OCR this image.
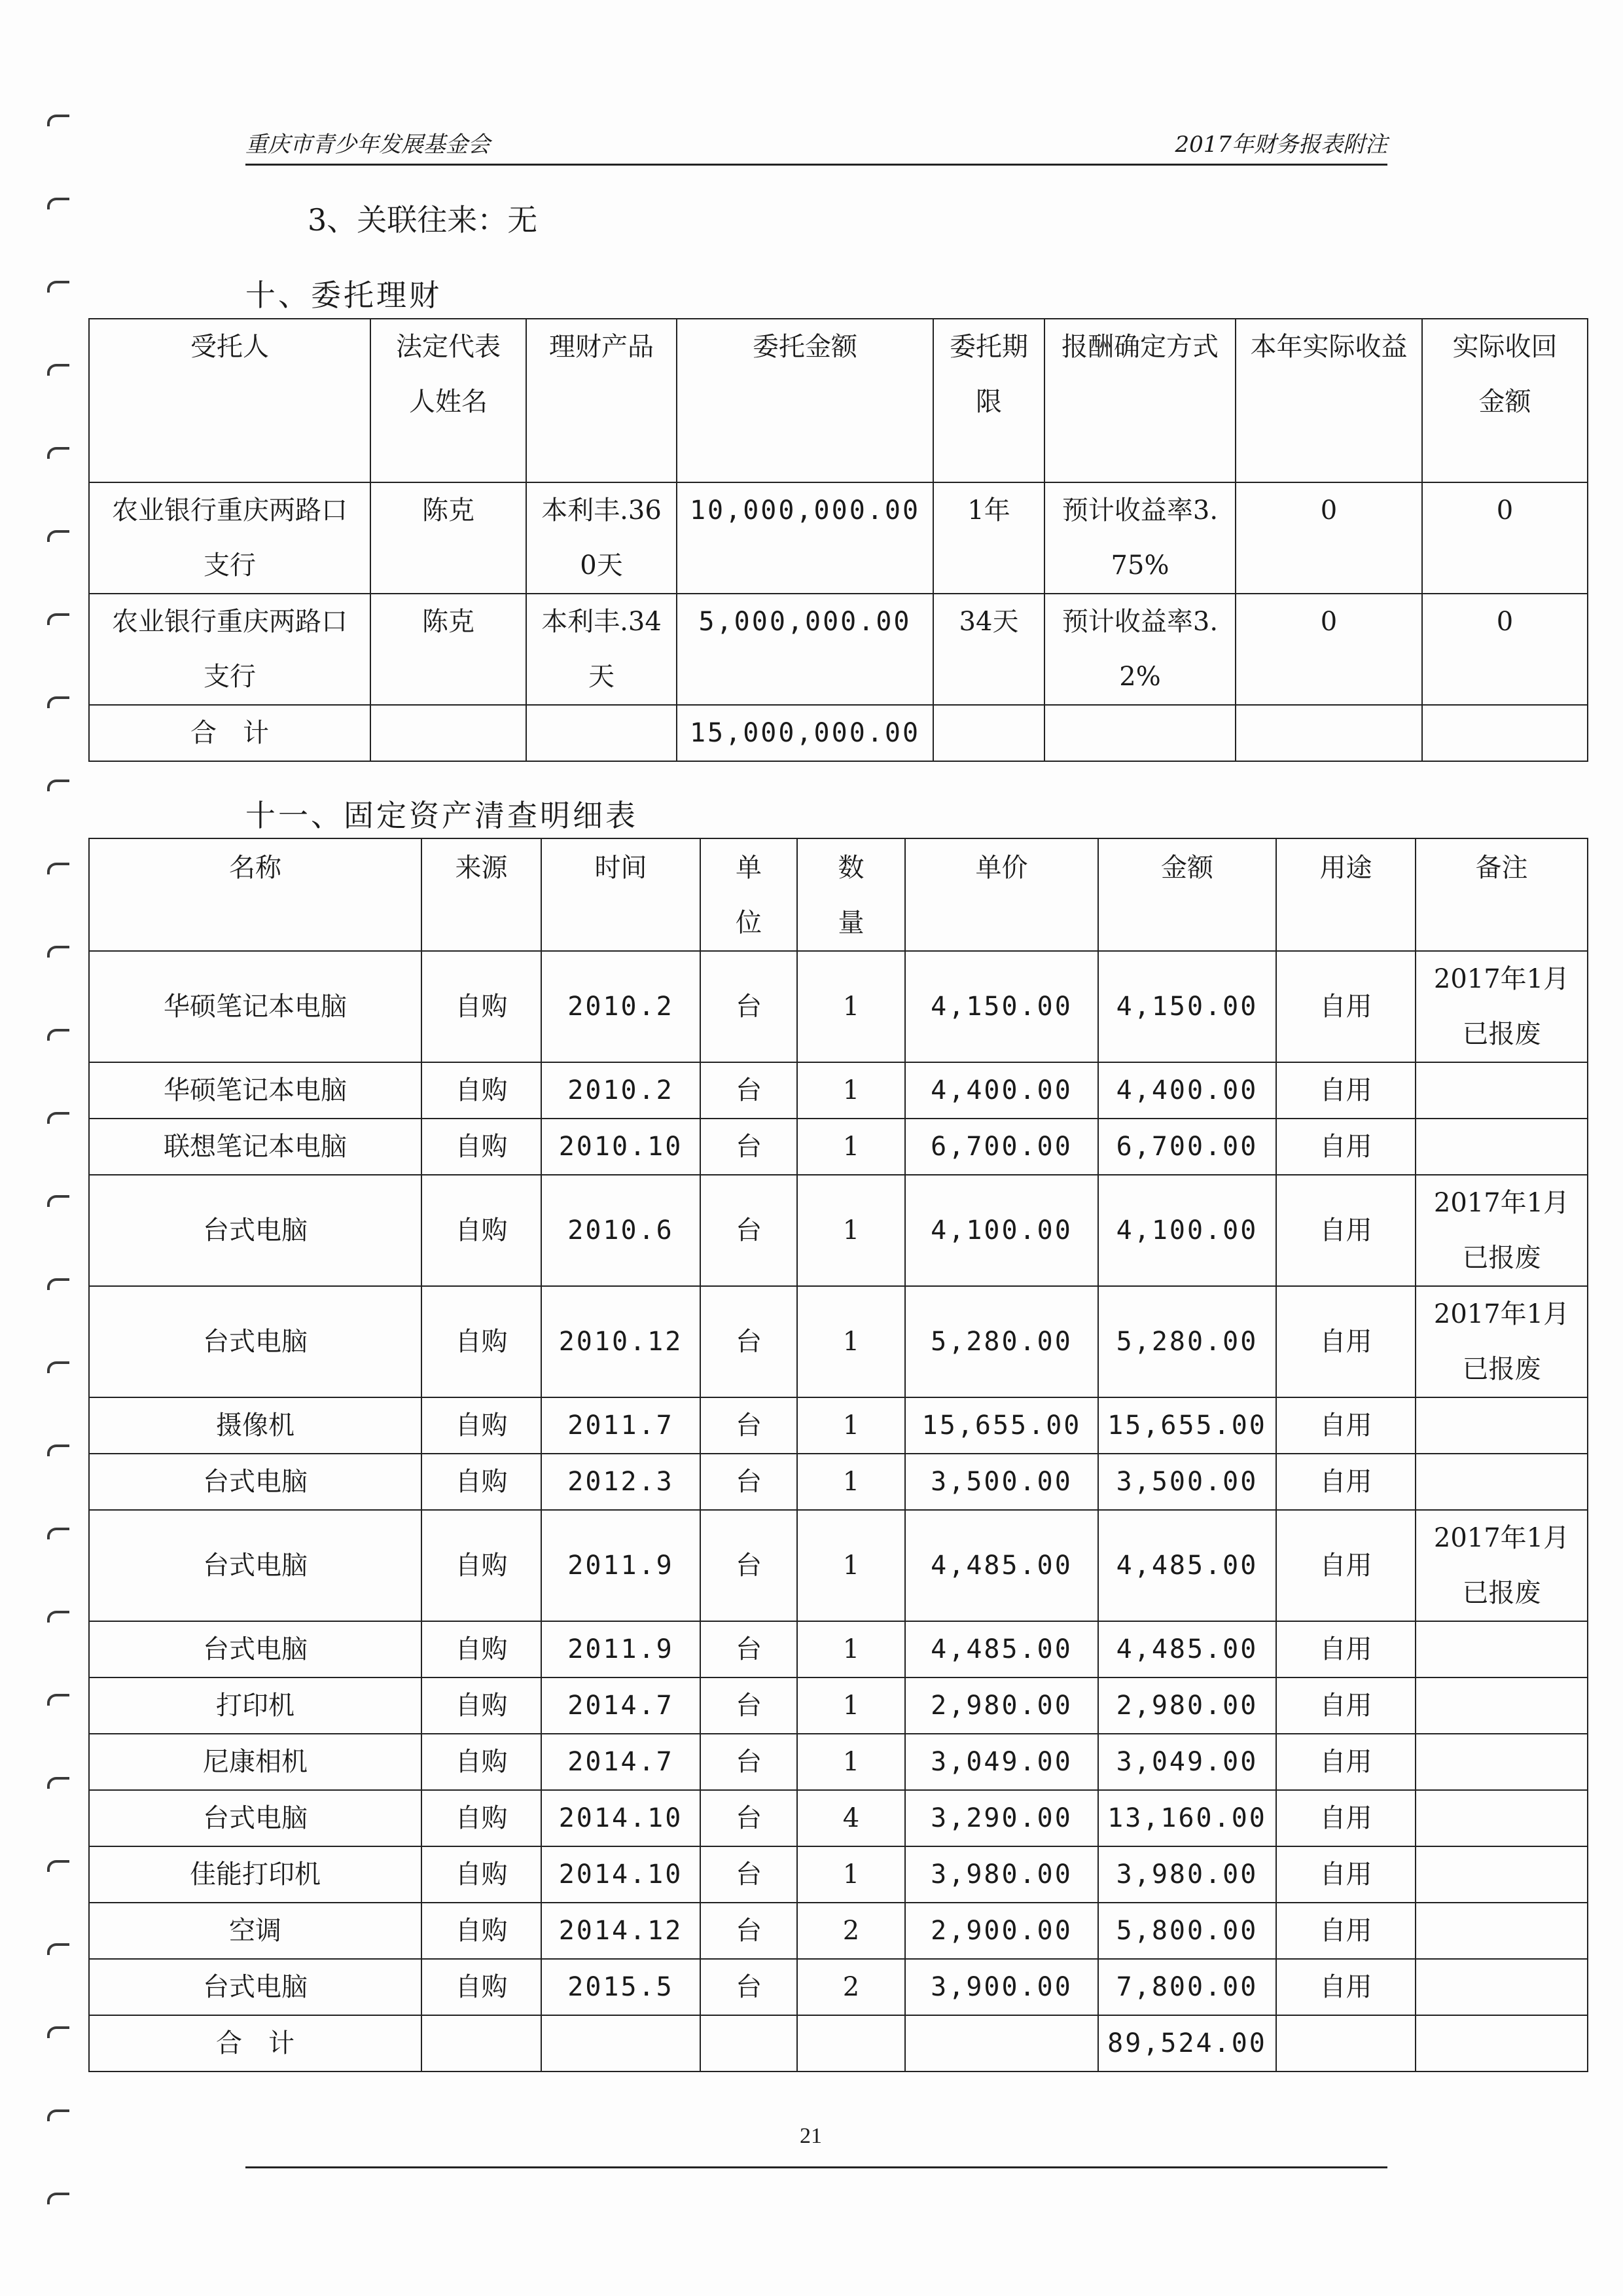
重庆市青少年发展基金会	2017年财务报表附注
3、关联往来：无
十、委托理财
受托人	法定代表人姓名	理财产品	委托金额	委托期限	报酬确定方式	本年实际收益	实际收回金额

农业银行重庆两路口支行	陈克	本利丰.360天	10,000,000.00	1年	预计收益率3.75%	0	0

农业银行重庆两路口支行	陈克	本利丰.34天	5,000,000.00	34天	预计收益率3.2%	0	0
合　计			15,000,000.00				
十一、固定资产清查明细表
名称	来源	时间	单位	数量	单价	金额	用途	备注
华硕笔记本电脑	自购	2010.2	台	1	4,150.00	4,150.00	自用	2017年1月已报废

华硕笔记本电脑	自购	2010.2	台	1	4,400.00	4,400.00	自用	

联想笔记本电脑	自购	2010.10	台	1	6,700.00	6,700.00	自用	

台式电脑	自购	2010.6	台	1	4,100.00	4,100.00	自用	2017年1月已报废

台式电脑	自购	2010.12	台	1	5,280.00	5,280.00	自用	2017年1月已报废

摄像机	自购	2011.7	台	1	15,655.00	15,655.00	自用	

台式电脑	自购	2012.3	台	1	3,500.00	3,500.00	自用	

台式电脑	自购	2011.9	台	1	4,485.00	4,485.00	自用	2017年1月已报废

台式电脑	自购	2011.9	台	1	4,485.00	4,485.00	自用	

打印机	自购	2014.7	台	1	2,980.00	2,980.00	自用	

尼康相机	自购	2014.7	台	1	3,049.00	3,049.00	自用	

台式电脑	自购	2014.10	台	4	3,290.00	13,160.00	自用	

佳能打印机	自购	2014.10	台	1	3,980.00	3,980.00	自用	

空调	自购	2014.12	台	2	2,900.00	5,800.00	自用	

台式电脑	自购	2015.5	台	2	3,900.00	7,800.00	自用	

合　计						89,524.00		
21
